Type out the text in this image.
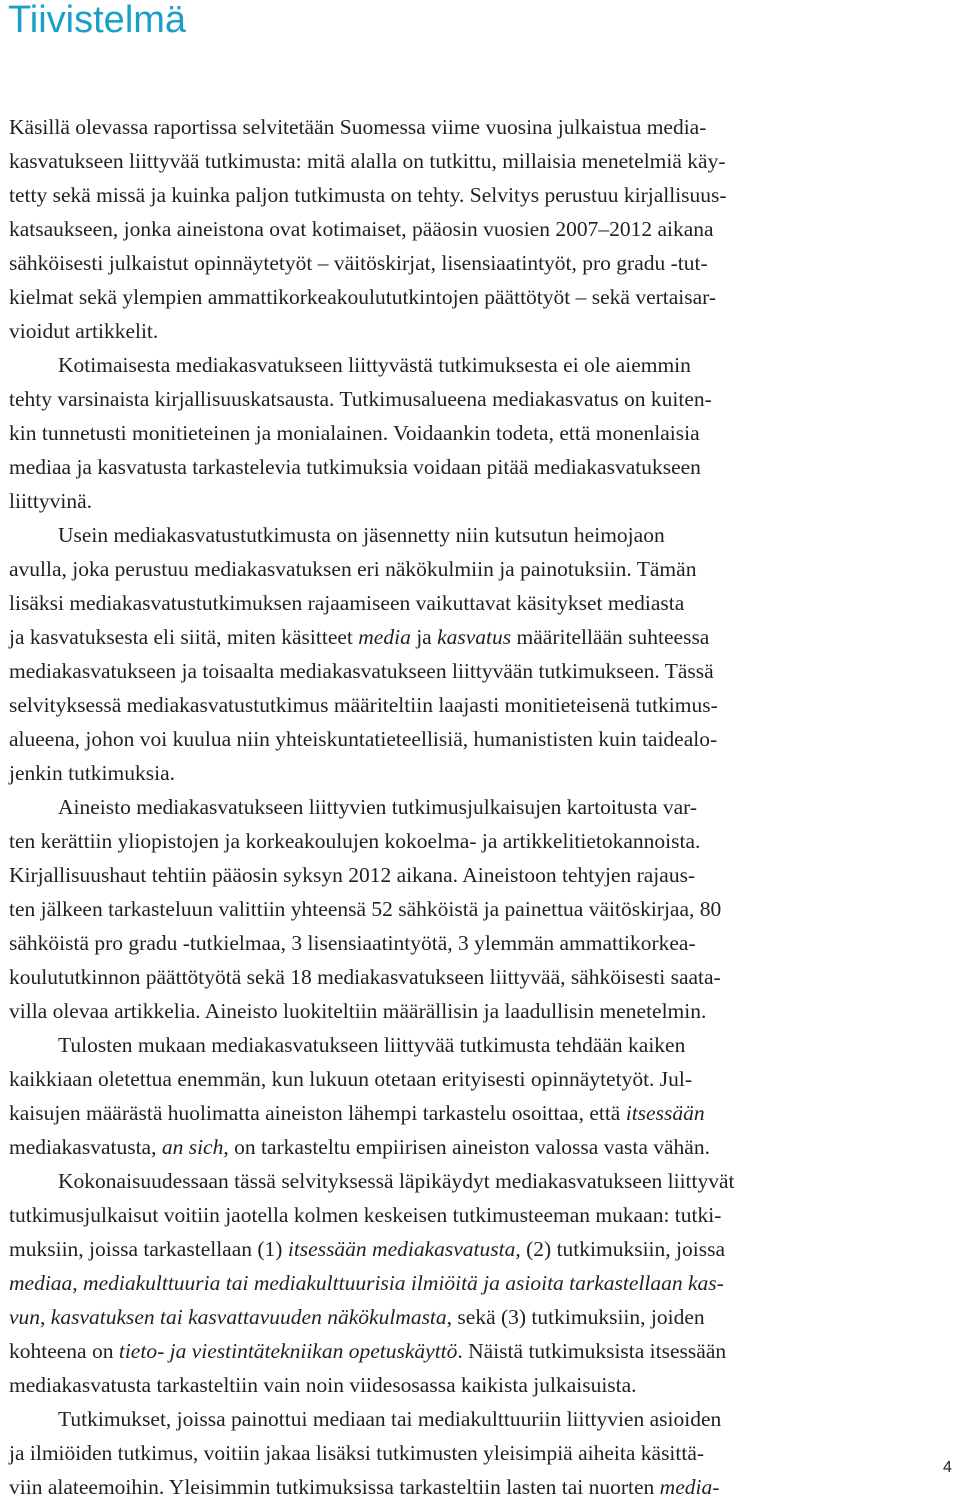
Tiivistelmä
Käsillä olevassa raportissa selvitetään Suomessa viime vuosina julkaistua media-
kasvatukseen liittyvää tutkimusta: mitä alalla on tutkittu, millaisia menetelmiä käy-
tetty sekä missä ja kuinka paljon tutkimusta on tehty. Selvitys perustuu kirjallisuus-
katsaukseen, jonka aineistona ovat kotimaiset, pääosin vuosien 2007–2012 aikana
sähköisesti julkaistut opinnäytetyöt – väitöskirjat, lisensiaatintyöt, pro gradu -tut-
kielmat sekä ylempien ammattikorkeakoulututkintojen päättötyöt – sekä vertaisar-
vioidut artikkelit.
Kotimaisesta mediakasvatukseen liittyvästä tutkimuksesta ei ole aiemmin
tehty varsinaista kirjallisuuskatsausta. Tutkimusalueena mediakasvatus on kuiten-
kin tunnetusti monitieteinen ja monialainen. Voidaankin todeta, että monenlaisia
mediaa ja kasvatusta tarkastelevia tutkimuksia voidaan pitää mediakasvatukseen
liittyvinä.
Usein mediakasvatustutkimusta on jäsennetty niin kutsutun heimojaon
avulla, joka perustuu mediakasvatuksen eri näkökulmiin ja painotuksiin. Tämän
lisäksi mediakasvatustutkimuksen rajaamiseen vaikuttavat käsitykset mediasta
ja kasvatuksesta eli siitä, miten käsitteet media ja kasvatus määritellään suhteessa
mediakasvatukseen ja toisaalta mediakasvatukseen liittyvään tutkimukseen. Tässä
selvityksessä mediakasvatustutkimus määriteltiin laajasti monitieteisenä tutkimus-
alueena, johon voi kuulua niin yhteiskuntatieteellisiä, humanististen kuin taidealo-
jenkin tutkimuksia.
Aineisto mediakasvatukseen liittyvien tutkimusjulkaisujen kartoitusta var-
ten kerättiin yliopistojen ja korkeakoulujen kokoelma- ja artikkelitietokannoista.
Kirjallisuushaut tehtiin pääosin syksyn 2012 aikana. Aineistoon tehtyjen rajaus-
ten jälkeen tarkasteluun valittiin yhteensä 52 sähköistä ja painettua väitöskirjaa, 80
sähköistä pro gradu -tutkielmaa, 3 lisensiaatintyötä, 3 ylemmän ammattikorkea-
koulututkinnon päättötyötä sekä 18 mediakasvatukseen liittyvää, sähköisesti saata-
villa olevaa artikkelia. Aineisto luokiteltiin määrällisin ja laadullisin menetelmin.
Tulosten mukaan mediakasvatukseen liittyvää tutkimusta tehdään kaiken
kaikkiaan oletettua enemmän, kun lukuun otetaan erityisesti opinnäytetyöt. Jul-
kaisujen määrästä huolimatta aineiston lähempi tarkastelu osoittaa, että itsessään
mediakasvatusta, an sich, on tarkasteltu empiirisen aineiston valossa vasta vähän.
Kokonaisuudessaan tässä selvityksessä läpikäydyt mediakasvatukseen liittyvät
tutkimusjulkaisut voitiin jaotella kolmen keskeisen tutkimusteeman mukaan: tutki-
muksiin, joissa tarkastellaan (1) itsessään mediakasvatusta, (2) tutkimuksiin, joissa
mediaa, mediakulttuuria tai mediakulttuurisia ilmiöitä ja asioita tarkastellaan kas-
vun, kasvatuksen tai kasvattavuuden näkökulmasta, sekä (3) tutkimuksiin, joiden
kohteena on tieto- ja viestintätekniikan opetuskäyttö. Näistä tutkimuksista itsessään
mediakasvatusta tarkasteltiin vain noin viidesosassa kaikista julkaisuista.
Tutkimukset, joissa painottui mediaan tai mediakulttuuriin liittyvien asioiden
ja ilmiöiden tutkimus, voitiin jakaa lisäksi tutkimusten yleisimpiä aiheita käsittä-
viin alateemoihin. Yleisimmin tutkimuksissa tarkasteltiin lasten tai nuorten media-
4
